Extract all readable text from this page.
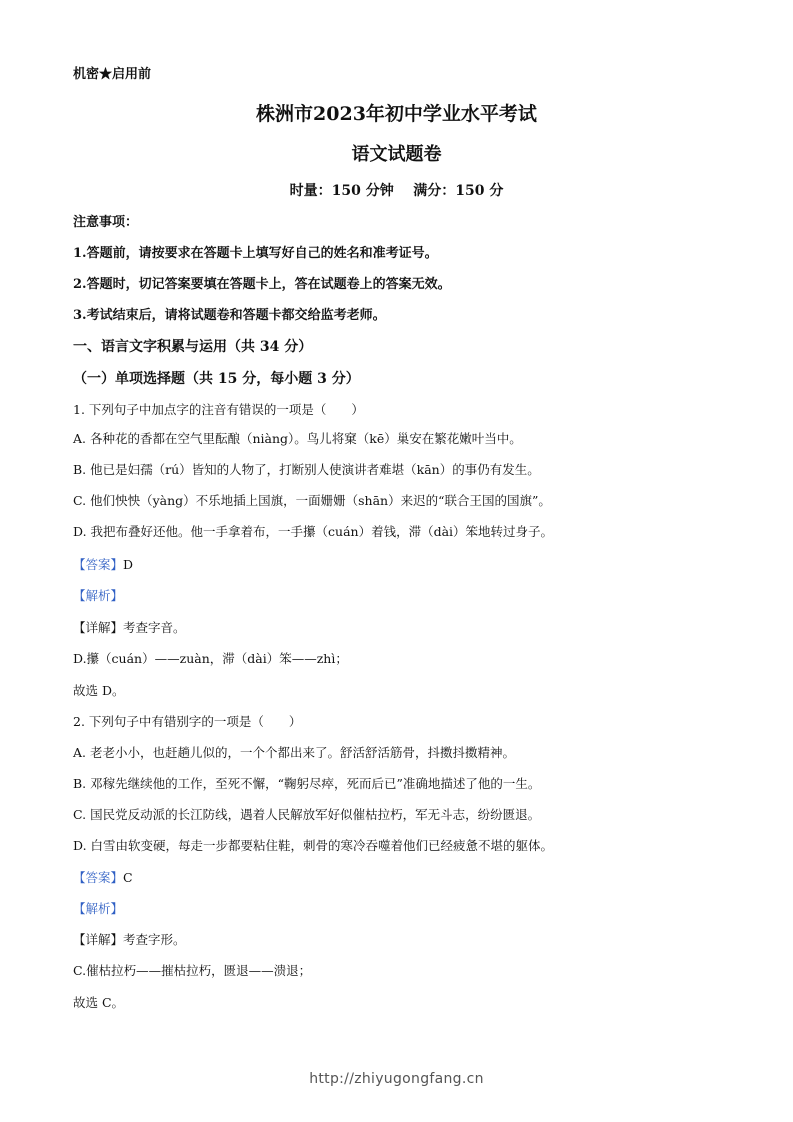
机密★启用前
株洲市2023年初中学业水平考试
语文试题卷
时量：150 分钟    满分：150 分
注意事项：
1.答题前，请按要求在答题卡上填写好自己的姓名和准考证号。
2.答题时，切记答案要填在答题卡上，答在试题卷上的答案无效。
3.考试结束后，请将试题卷和答题卡都交给监考老师。
一、语言文字积累与运用（共 34 分）
（一）单项选择题（共 15 分，每小题 3 分）
1. 下列句子中加点字的注音有错误的一项是（　　）
A. 各种花的香都在空气里酝酿（niàng）。鸟儿将窠（kē）巢安在繁花嫩叶当中。
B. 他已是妇孺（rú）皆知的人物了，打断别人使演讲者难堪（kān）的事仍有发生。
C. 他们怏怏（yàng）不乐地插上国旗，一面姗姗（shān）来迟的“联合王国的国旗”。
D. 我把布叠好还他。他一手拿着布，一手攥（cuán）着钱，滞（dài）笨地转过身子。
【答案】D
【解析】
【详解】考查字音。
D.攥（cuán）——zuàn，滞（dài）笨——zhì；
故选 D。
2. 下列句子中有错别字的一项是（　　）
A. 老老小小，也赶趟儿似的，一个个都出来了。舒活舒活筋骨，抖擞抖擞精神。
B. 邓稼先继续他的工作，至死不懈，“鞠躬尽瘁，死而后已”准确地描述了他的一生。
C. 国民党反动派的长江防线，遇着人民解放军好似催枯拉朽，军无斗志，纷纷匮退。
D. 白雪由软变硬，每走一步都要粘住鞋，刺骨的寒冷吞噬着他们已经疲惫不堪的躯体。
【答案】C
【解析】
【详解】考查字形。
C.催枯拉朽——摧枯拉朽，匮退——溃退；
故选 C。
http://zhiyugongfang.cn
